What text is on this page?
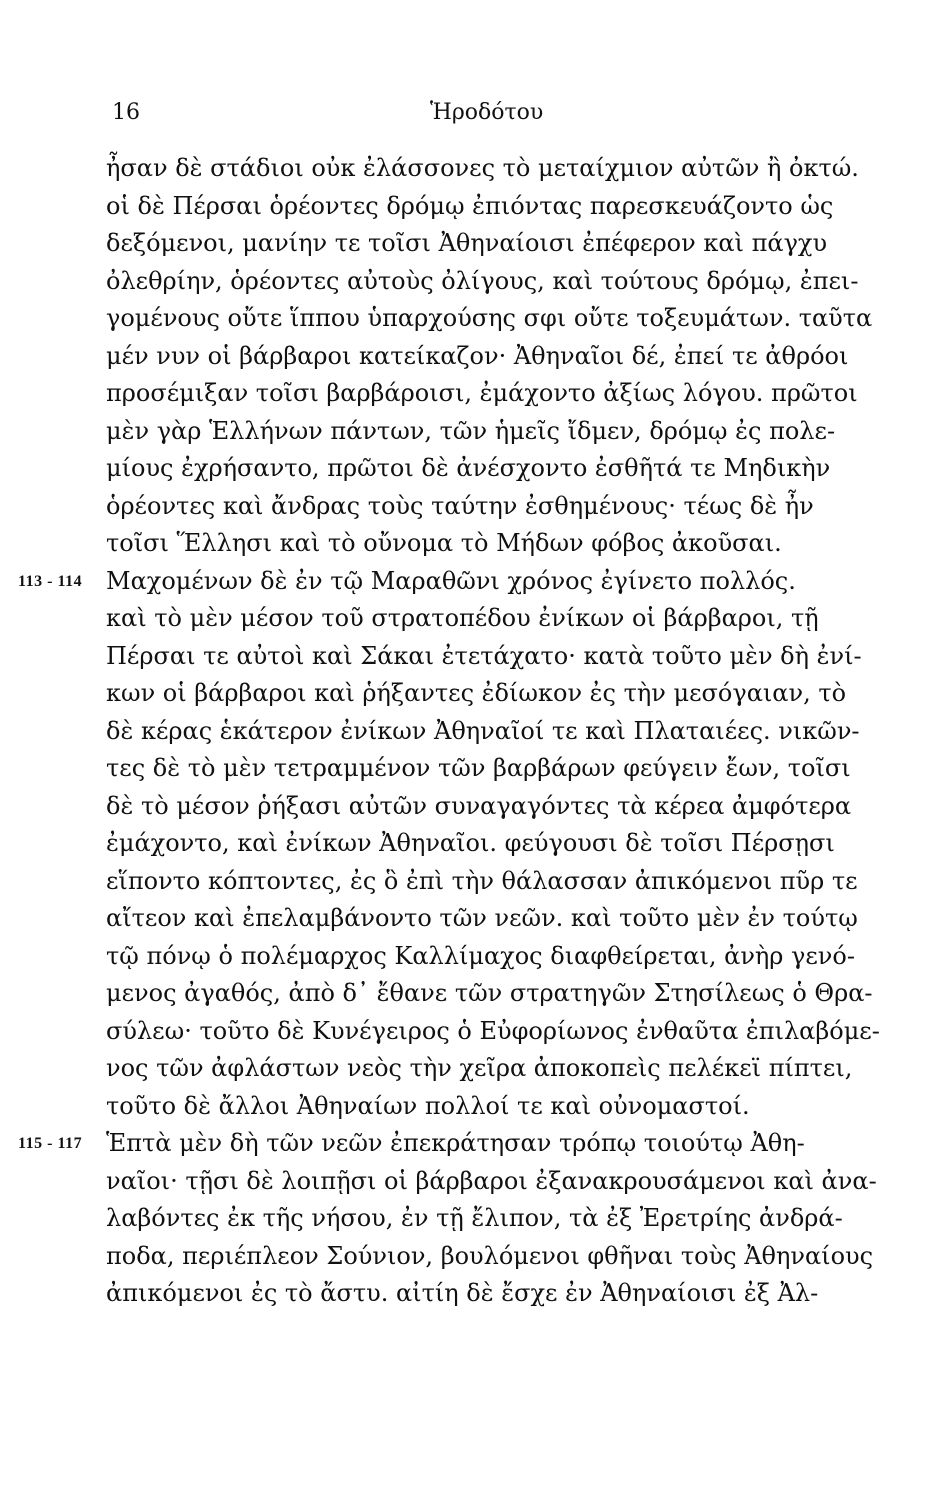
16	Ἡροδότου
ἦσαν δὲ στάδιοι οὐκ ἐλάσσονες τὸ μεταίχμιον αὐτῶν ἢ ὀκτώ.
οἱ δὲ Πέρσαι ὁρέοντες δρόμῳ ἐπιόντας παρεσκευάζοντο ὡς
δεξόμενοι, μανίην τε τοῖσι Ἀθηναίοισι ἐπέφερον καὶ πάγχυ
ὀλεθρίην, ὁρέοντες αὐτοὺς ὀλίγους, καὶ τούτους δρόμῳ, ἐπει-
γομένους οὔτε ἵππου ὑπαρχούσης σφι οὔτε τοξευμάτων. ταῦτα
μέν νυν οἱ βάρβαροι κατείκαζον· Ἀθηναῖοι δέ, ἐπεί τε ἀθρόοι
προσέμιξαν τοῖσι βαρβάροισι, ἐμάχοντο ἀξίως λόγου. πρῶτοι
μὲν γὰρ Ἑλλήνων πάντων, τῶν ἡμεῖς ἴδμεν, δρόμῳ ἐς πολε-
μίους ἐχρήσαντο, πρῶτοι δὲ ἀνέσχοντο ἐσθῆτά τε Μηδικὴν
ὁρέοντες καὶ ἄνδρας τοὺς ταύτην ἐσθημένους· τέως δὲ ἦν
τοῖσι Ἕλλησι καὶ τὸ οὔνομα τὸ Μήδων φόβος ἀκοῦσαι.
113 - 114 Μαχομένων δὲ ἐν τῷ Μαραθῶνι χρόνος ἐγίνετο πολλός.
καὶ τὸ μὲν μέσον τοῦ στρατοπέδου ἐνίκων οἱ βάρβαροι, τῇ
Πέρσαι τε αὐτοὶ καὶ Σάκαι ἐτετάχατο· κατὰ τοῦτο μὲν δὴ ἐνί-
κων οἱ βάρβαροι καὶ ῥήξαντες ἐδίωκον ἐς τὴν μεσόγαιαν, τὸ
δὲ κέρας ἑκάτερον ἐνίκων Ἀθηναῖοί τε καὶ Πλαταιέες. νικῶν-
τες δὲ τὸ μὲν τετραμμένον τῶν βαρβάρων φεύγειν ἔων, τοῖσι
δὲ τὸ μέσον ῥήξασι αὐτῶν συναγαγόντες τὰ κέρεα ἀμφότερα
ἐμάχοντο, καὶ ἐνίκων Ἀθηναῖοι. φεύγουσι δὲ τοῖσι Πέρσῃσι
εἵποντο κόπτοντες, ἐς ὃ ἐπὶ τὴν θάλασσαν ἀπικόμενοι πῦρ τε
αἴτεον καὶ ἐπελαμβάνοντο τῶν νεῶν. καὶ τοῦτο μὲν ἐν τούτῳ
τῷ πόνῳ ὁ πολέμαρχος Καλλίμαχος διαφθείρεται, ἀνὴρ γενό-
μενος ἀγαθός, ἀπὸ δ᾽ ἔθανε τῶν στρατηγῶν Στησίλεως ὁ Θρα-
σύλεω· τοῦτο δὲ Κυνέγειρος ὁ Εὐφορίωνος ἐνθαῦτα ἐπιλαβόμε-
νος τῶν ἀφλάστων νεὸς τὴν χεῖρα ἀποκοπεὶς πελέκεϊ πίπτει,
τοῦτο δὲ ἄλλοι Ἀθηναίων πολλοί τε καὶ οὐνομαστοί.
115 - 117 Ἑπτὰ μὲν δὴ τῶν νεῶν ἐπεκράτησαν τρόπῳ τοιούτῳ Ἀθη-
ναῖοι· τῇσι δὲ λοιπῇσι οἱ βάρβαροι ἐξανακρουσάμενοι καὶ ἀνα-
λαβόντες ἐκ τῆς νήσου, ἐν τῇ ἔλιπον, τὰ ἐξ Ἐρετρίης ἀνδρά-
ποδα, περιέπλεον Σούνιον, βουλόμενοι φθῆναι τοὺς Ἀθηναίους
ἀπικόμενοι ἐς τὸ ἄστυ. αἰτίη δὲ ἔσχε ἐν Ἀθηναίοισι ἐξ Ἀλ-
